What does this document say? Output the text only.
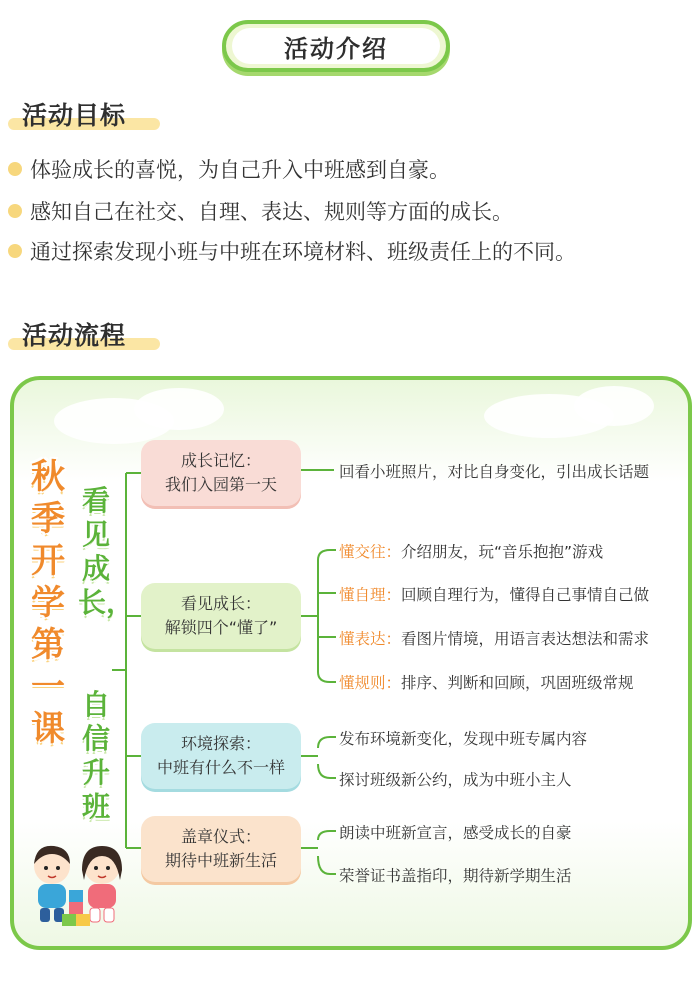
活动介绍
活动目标
体验成长的喜悦，为自己升入中班感到自豪。
感知自己在社交、自理、表达、规则等方面的成长。
通过探索发现小班与中班在环境材料、班级责任上的不同。
活动流程
秋季开学第一课
看见成长，
自信升班
成长记忆：
我们入园第一天
看见成长：
解锁四个“懂了”
环境探索：
中班有什么不一样
盖章仪式：
期待中班新生活
回看小班照片，对比自身变化，引出成长话题
懂交往：介绍朋友，玩“音乐抱抱”游戏
懂自理：回顾自理行为，懂得自己事情自己做
懂表达：看图片情境，用语言表达想法和需求
懂规则：排序、判断和回顾，巩固班级常规
发布环境新变化，发现中班专属内容
探讨班级新公约，成为中班小主人
朗读中班新宣言，感受成长的自豪
荣誉证书盖指印，期待新学期生活
